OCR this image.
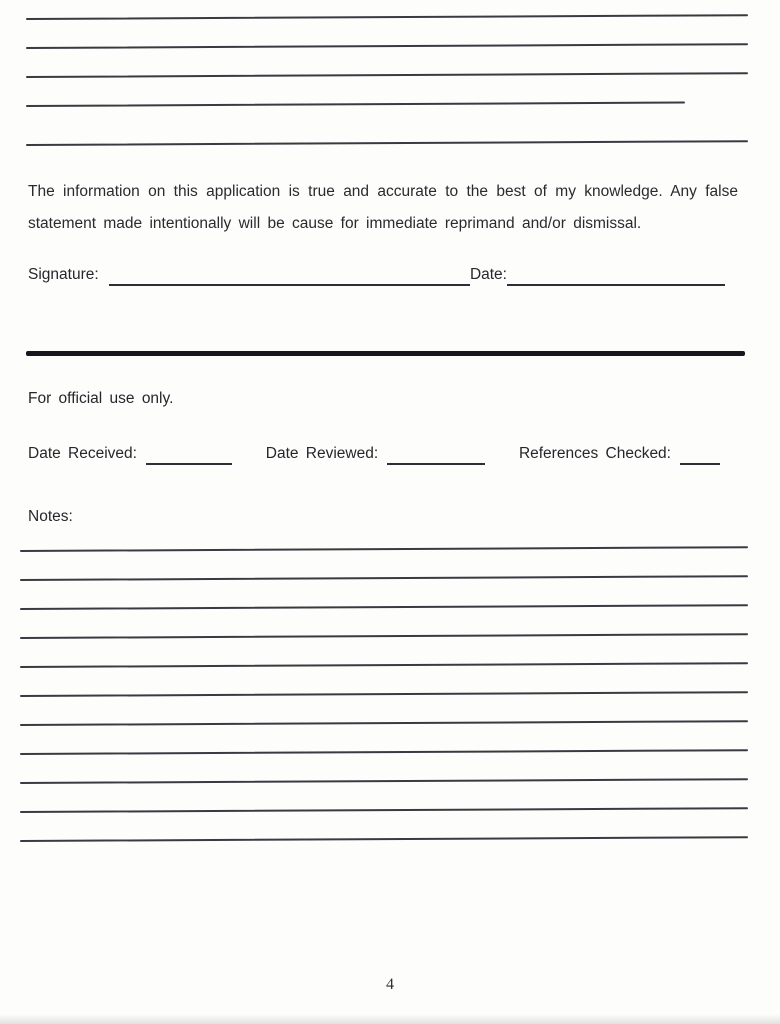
The information on this application is true and accurate to the best of my knowledge. Any false
statement made intentionally will be cause for immediate reprimand and/or dismissal.

Signature:	Date:
For official use only.
Date Received:	Date Reviewed:	References Checked:
Notes:
4
